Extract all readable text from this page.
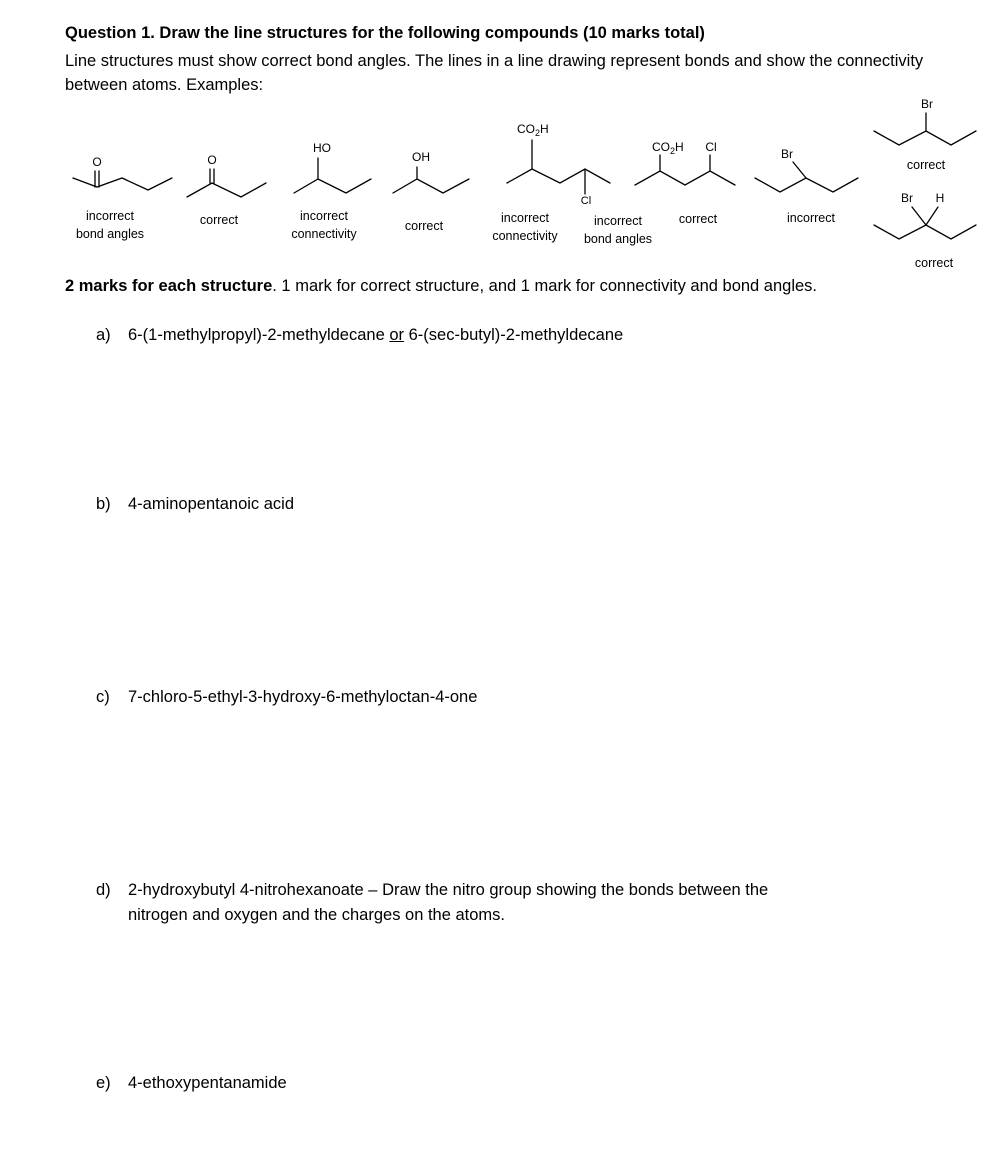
Question 1. Draw the line structures for the following compounds (10 marks total)
Line structures must show correct bond angles. The lines in a line drawing represent bonds and show the connectivity between atoms. Examples:
O	O
HO
OH
$CO_2H$
Cl
$CO_2H$ Cl	Br
Br
Br H
incorrect
bond angles
correct	incorrect
connectivity
correct
incorrect
connectivity
incorrect
bond angles
correct	incorrect
correct
correct
2 marks for each structure. 1 mark for correct structure, and 1 mark for connectivity and bond angles.
a) 6-(1-methylpropyl)-2-methyldecane or 6-(sec-butyl)-2-methyldecane
b) 4-aminopentanoic acid
c) 7-chloro-5-ethyl-3-hydroxy-6-methyloctan-4-one
d) 2-hydroxybutyl 4-nitrohexanoate – Draw the nitro group showing the bonds between the
nitrogen and oxygen and the charges on the atoms.
e) 4-ethoxypentanamide
